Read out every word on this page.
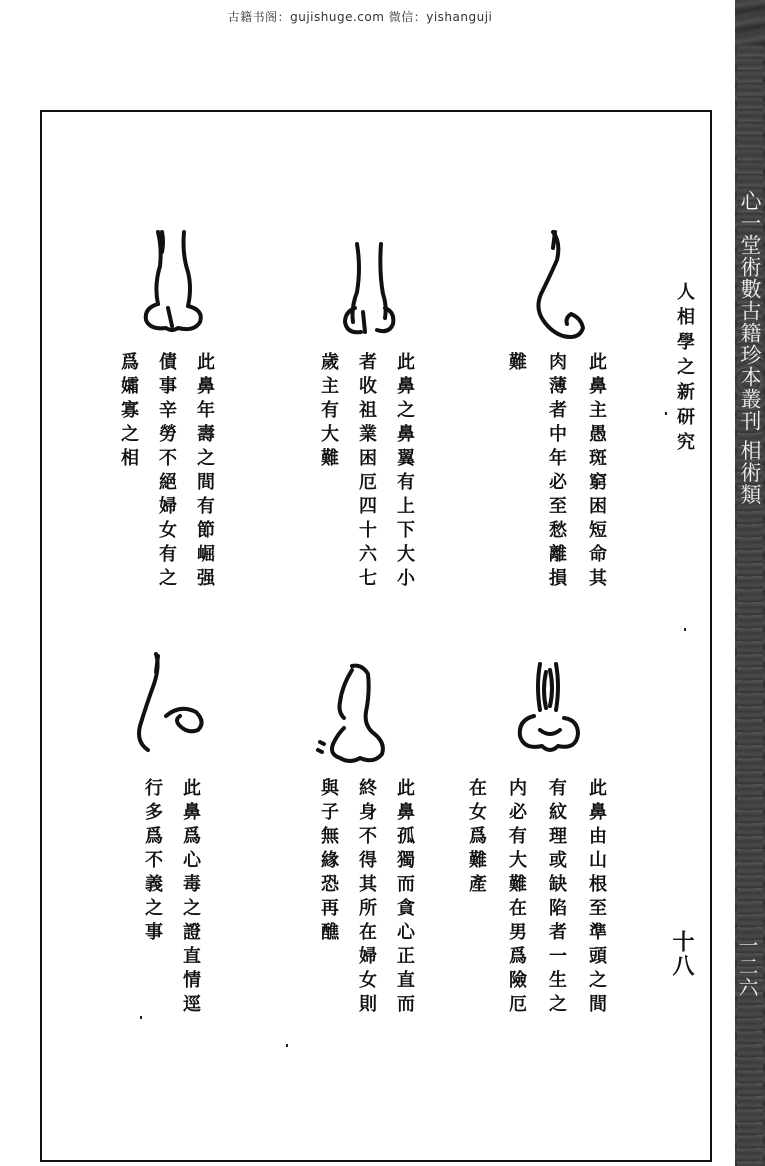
古籍书阁：gujishuge.com 微信：yishanguji
心一堂術數古籍珍本叢刊 相術類
一二六
人相學之新研究
十八
此鼻主愚斑窮困短命其
肉薄者中年必至愁離損
難
此鼻之鼻翼有上下大小
者收祖業困厄四十六七
歲主有大難
此鼻年壽之間有節崛强
債事辛勞不絕婦女有之
爲孀寡之相
此鼻由山根至準頭之間
有紋理或缺陷者一生之
内必有大難在男爲險厄
在女爲難產
此鼻孤獨而貪心正直而
終身不得其所在婦女則
與子無緣恐再醮
此鼻爲心毒之證直情逕
行多爲不義之事
